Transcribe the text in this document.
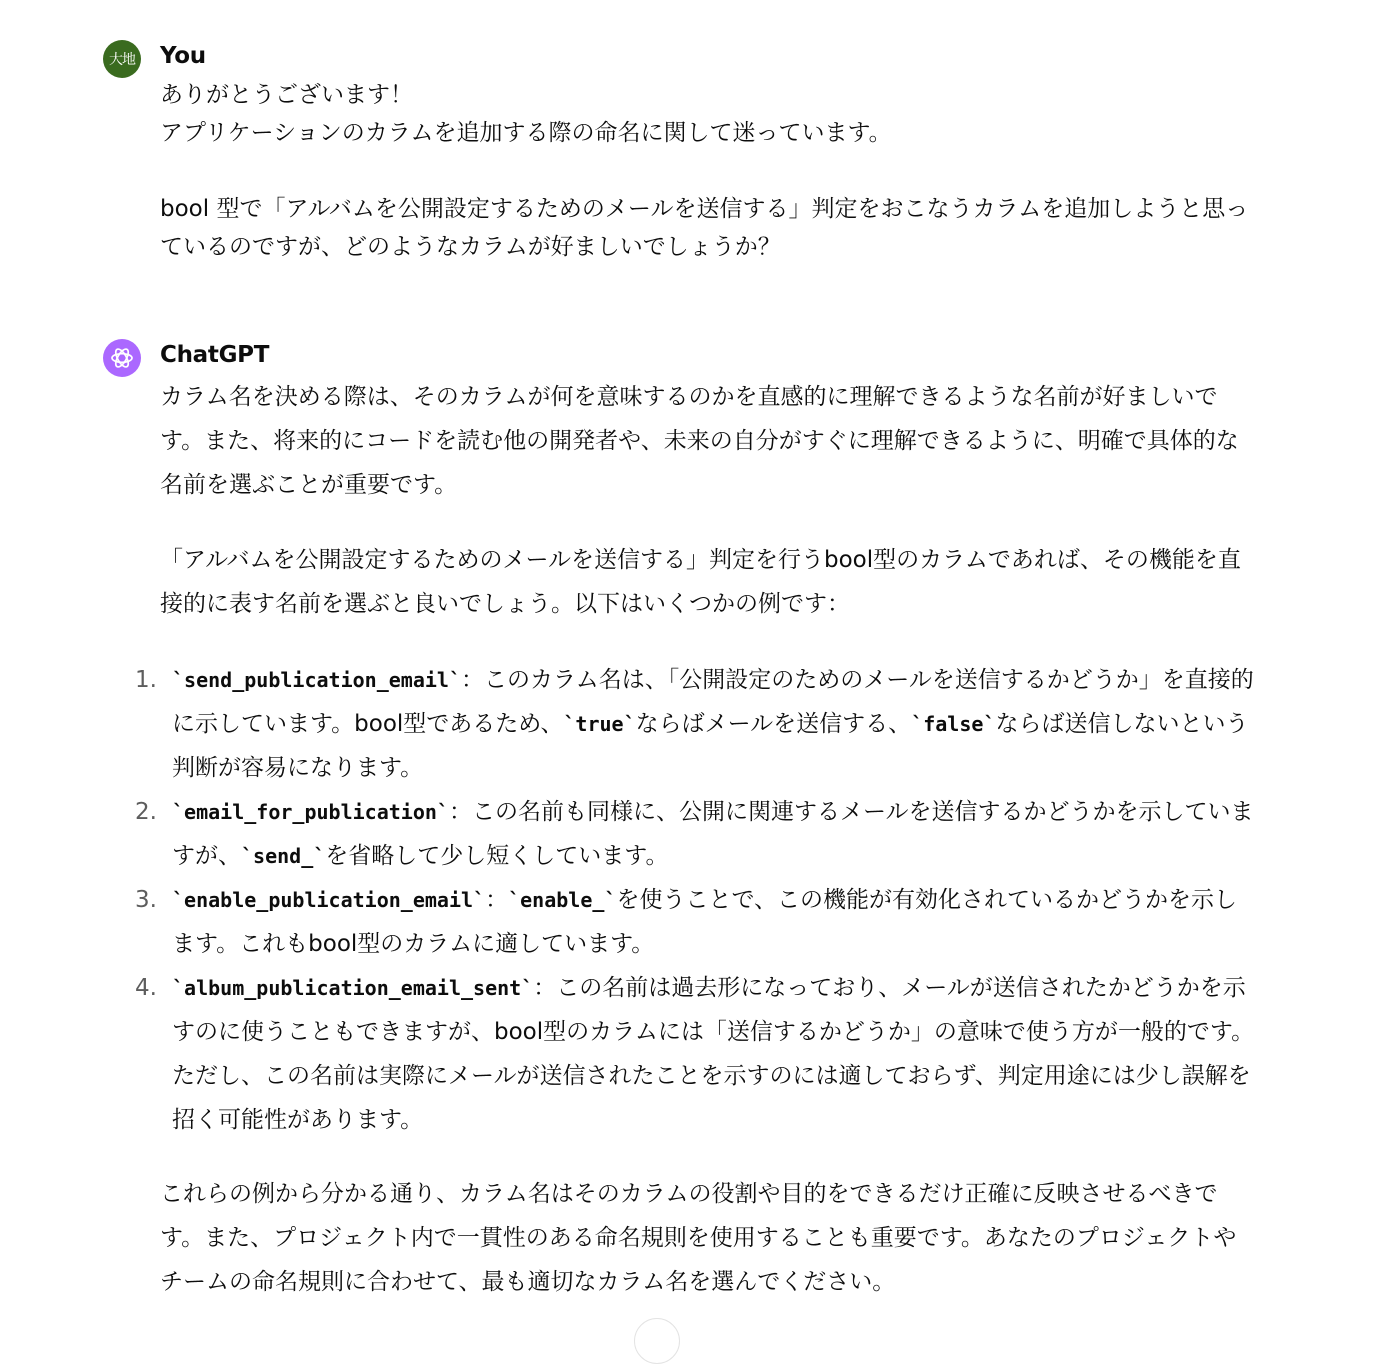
大地 You

ありがとうございます！

アプリケーションのカラムを追加する際の命名に関して迷っています。

bool 型で「アルバムを公開設定するためのメールを送信する」判定をおこなうカラムを追加しようと思っているのですが、どのようなカラムが好ましいでしょうか？

ChatGPT

カラム名を決める際は、そのカラムが何を意味するのかを直感的に理解できるような名前が好ましいです。また、将来的にコードを読む他の開発者や、未来の自分がすぐに理解できるように、明確で具体的な名前を選ぶことが重要です。

「アルバムを公開設定するためのメールを送信する」判定を行うbool型のカラムであれば、その機能を直接的に表す名前を選ぶと良いでしょう。以下はいくつかの例です：

1. `send_publication_email`：このカラム名は、「公開設定のためのメールを送信するかどうか」を直接的に示しています。bool型であるため、`true`ならばメールを送信する、`false`ならば送信しないという判断が容易になります。
2. `email_for_publication`：この名前も同様に、公開に関連するメールを送信するかどうかを示していますが、`send_`を省略して少し短くしています。
3. `enable_publication_email`：`enable_`を使うことで、この機能が有効化されているかどうかを示します。これもbool型のカラムに適しています。
4. `album_publication_email_sent`：この名前は過去形になっており、メールが送信されたかどうかを示すのに使うこともできますが、bool型のカラムには「送信するかどうか」の意味で使う方が一般的です。ただし、この名前は実際にメールが送信されたことを示すのには適しておらず、判定用途には少し誤解を招く可能性があります。

これらの例から分かる通り、カラム名はそのカラムの役割や目的をできるだけ正確に反映させるべきです。また、プロジェクト内で一貫性のある命名規則を使用することも重要です。あなたのプロジェクトやチームの命名規則に合わせて、最も適切なカラム名を選んでください。
